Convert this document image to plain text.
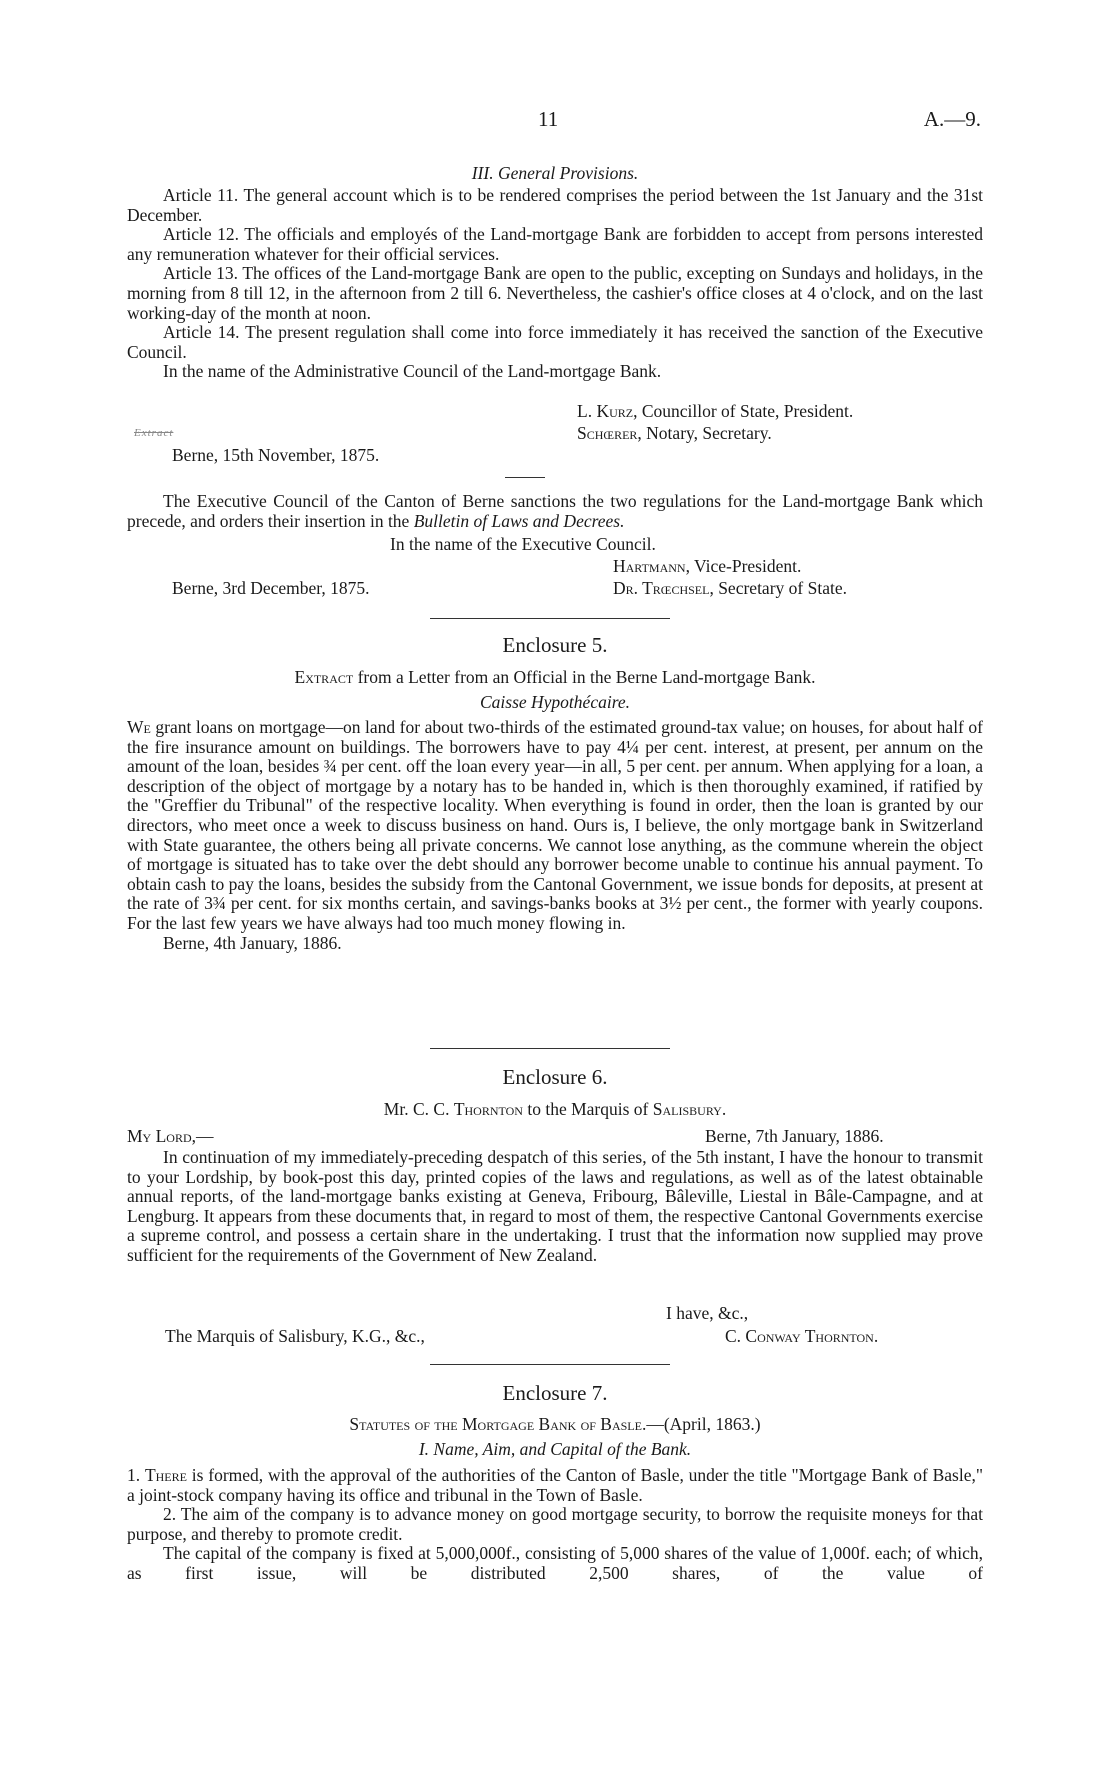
11	A.—9.
III. General Provisions.

Article 11. The general account which is to be rendered comprises the period between the 1st January and the 31st December.

Article 12. The officials and employés of the Land-mortgage Bank are forbidden to accept from persons interested any remuneration whatever for their official services.

Article 13. The offices of the Land-mortgage Bank are open to the public, excepting on Sundays and holidays, in the morning from 8 till 12, in the afternoon from 2 till 6. Nevertheless, the cashier's office closes at 4 o'clock, and on the last working-day of the month at noon.

Article 14. The present regulation shall come into force immediately it has received the sanction of the Executive Council.

In the name of the Administrative Council of the Land-mortgage Bank.

L. Kurz, Councillor of State, President.
Extract	Schœrer, Notary, Secretary.
Berne, 15th November, 1875.

The Executive Council of the Canton of Berne sanctions the two regulations for the Land-mortgage Bank which precede, and orders their insertion in the Bulletin of Laws and Decrees.

In the name of the Executive Council.
Hartmann, Vice-President.
Berne, 3rd December, 1875.	Dr. Trœchsel, Secretary of State.
Enclosure 5.
Extract from a Letter from an Official in the Berne Land-mortgage Bank.
Caisse Hypothécaire.

We grant loans on mortgage—on land for about two-thirds of the estimated ground-tax value; on houses, for about half of the fire insurance amount on buildings. The borrowers have to pay 4¼ per cent. interest, at present, per annum on the amount of the loan, besides ¾ per cent. off the loan every year—in all, 5 per cent. per annum. When applying for a loan, a description of the object of mortgage by a notary has to be handed in, which is then thoroughly examined, if ratified by the "Greffier du Tribunal" of the respective locality. When everything is found in order, then the loan is granted by our directors, who meet once a week to discuss business on hand. Ours is, I believe, the only mortgage bank in Switzerland with State guarantee, the others being all private concerns. We cannot lose anything, as the commune wherein the object of mortgage is situated has to take over the debt should any borrower become unable to continue his annual payment. To obtain cash to pay the loans, besides the subsidy from the Cantonal Government, we issue bonds for deposits, at present at the rate of 3¾ per cent. for six months certain, and savings-banks books at 3½ per cent., the former with yearly coupons. For the last few years we have always had too much money flowing in.

Berne, 4th January, 1886.

Enclosure 6.
Mr. C. C. Thornton to the Marquis of Salisbury.
My Lord,—	Berne, 7th January, 1886.

In continuation of my immediately-preceding despatch of this series, of the 5th instant, I have the honour to transmit to your Lordship, by book-post this day, printed copies of the laws and regulations, as well as of the latest obtainable annual reports, of the land-mortgage banks existing at Geneva, Fribourg, Bâleville, Liestal in Bâle-Campagne, and at Lengburg. It appears from these documents that, in regard to most of them, the respective Cantonal Governments exercise a supreme control, and possess a certain share in the undertaking. I trust that the information now supplied may prove sufficient for the requirements of the Government of New Zealand.

I have, &c.,
The Marquis of Salisbury, K.G., &c.,	C. Conway Thornton.
Enclosure 7.
Statutes of the Mortgage Bank of Basle.—(April, 1863.)
I. Name, Aim, and Capital of the Bank.

1. There is formed, with the approval of the authorities of the Canton of Basle, under the title "Mortgage Bank of Basle," a joint-stock company having its office and tribunal in the Town of Basle.

2. The aim of the company is to advance money on good mortgage security, to borrow the requisite moneys for that purpose, and thereby to promote credit.

The capital of the company is fixed at 5,000,000f., consisting of 5,000 shares of the value of 1,000f. each; of which, as first issue, will be distributed 2,500 shares, of the value of
